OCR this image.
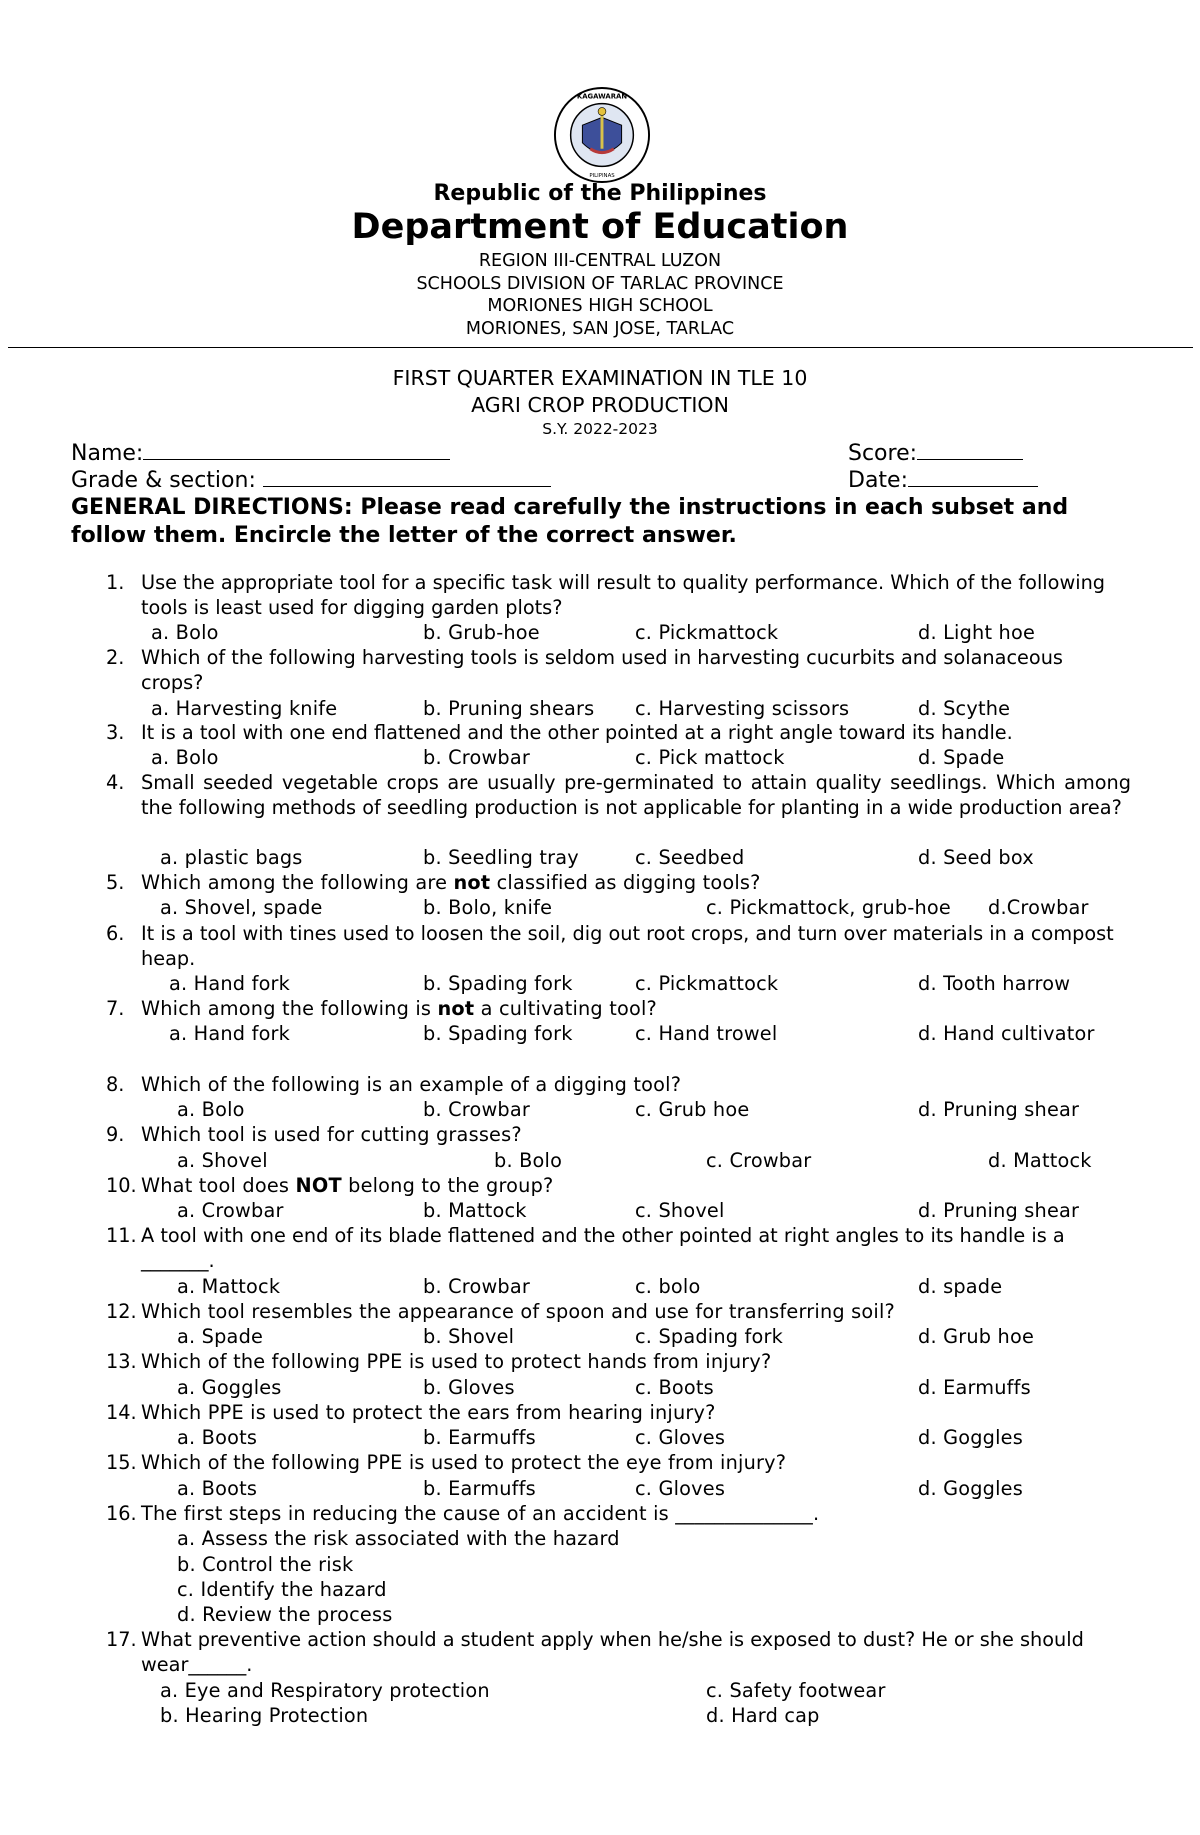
KAGAWARAN
PILIPINAS
Republic of the Philippines
Department of Education
REGION III-CENTRAL LUZON
SCHOOLS DIVISION OF TARLAC PROVINCE
MORIONES HIGH SCHOOL
MORIONES, SAN JOSE, TARLAC
FIRST QUARTER EXAMINATION IN TLE 10
AGRI CROP PRODUCTION
S.Y. 2022-2023
Name:	Score:
Grade & section:	Date:
GENERAL DIRECTIONS: Please read carefully the instructions in each subset and follow them. Encircle the letter of the correct answer.
1. Use the appropriate tool for a specific task will result to quality performance. Which of the following tools is least used for digging garden plots?
a. Bolo	b. Grub-hoe	c. Pickmattock	d. Light hoe
2. Which of the following harvesting tools is seldom used in harvesting cucurbits and solanaceous crops?
a. Harvesting knife	b. Pruning shears c. Harvesting scissors	d. Scythe
3. It is a tool with one end flattened and the other pointed at a right angle toward its handle.
a. Bolo	b. Crowbar	c. Pick mattock	d. Spade
4. Small seeded vegetable crops are usually pre-germinated to attain quality seedlings. Which among the following methods of seedling production is not applicable for planting in a wide production area?
a. plastic bags	b. Seedling tray	c. Seedbed	d. Seed box
5. Which among the following are not classified as digging tools?
a. Shovel, spade	b. Bolo, knife	c. Pickmattock, grub-hoe d.Crowbar
6. It is a tool with tines used to loosen the soil, dig out root crops, and turn over materials in a compost heap.
a. Hand fork	b. Spading fork	c. Pickmattock	d. Tooth harrow
7. Which among the following is not a cultivating tool?
a. Hand fork	b. Spading fork	c. Hand trowel	d. Hand cultivator
8. Which of the following is an example of a digging tool?
a. Bolo	b. Crowbar	c. Grub hoe	d. Pruning shear
9. Which tool is used for cutting grasses?
a. Shovel	b. Bolo	c. Crowbar	d. Mattock
10. What tool does NOT belong to the group?
a. Crowbar	b. Mattock	c. Shovel	d. Pruning shear
11. A tool with one end of its blade flattened and the other pointed at right angles to its handle is a _______.
a. Mattock	b. Crowbar	c. bolo	d. spade
12. Which tool resembles the appearance of spoon and use for transferring soil?
a. Spade	b. Shovel	c. Spading fork	d. Grub hoe
13. Which of the following PPE is used to protect hands from injury?
a. Goggles	b. Gloves	c. Boots	d. Earmuffs
14. Which PPE is used to protect the ears from hearing injury?
a. Boots	b. Earmuffs	c. Gloves	d. Goggles
15. Which of the following PPE is used to protect the eye from injury?
a. Boots	b. Earmuffs	c. Gloves	d. Goggles
16. The first steps in reducing the cause of an accident is ______________.
a. Assess the risk associated with the hazard
b. Control the risk
c. Identify the hazard
d. Review the process
17. What preventive action should a student apply when he/she is exposed to dust? He or she should wear______.
a. Eye and Respiratory protection
b. Hearing Protection
c. Safety footwear
d. Hard cap
